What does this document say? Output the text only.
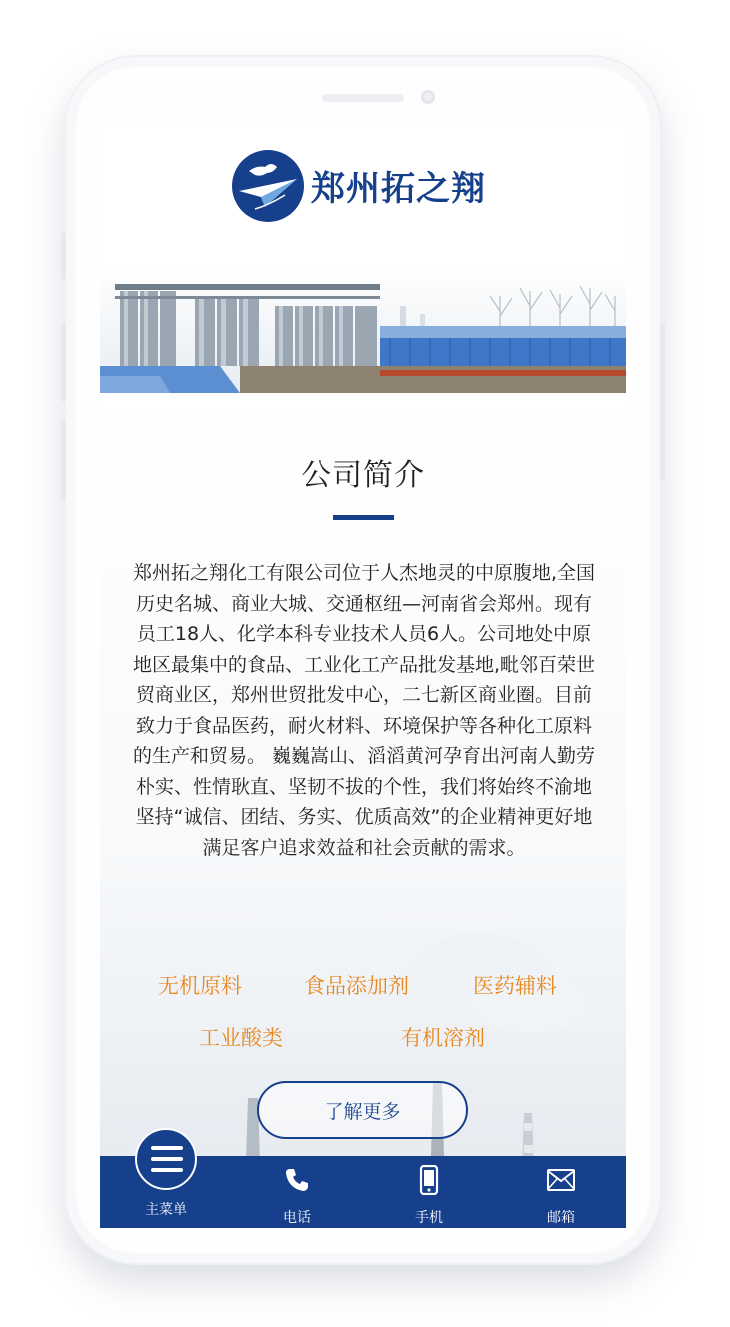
郑州拓之翔
公司简介
郑州拓之翔化工有限公司位于人杰地灵的中原腹地,全国历史名城、商业大城、交通枢纽—河南省会郑州。现有员工18人、化学本科专业技术人员6人。公司地处中原地区最集中的食品、工业化工产品批发基地,毗邻百荣世贸商业区，郑州世贸批发中心，二七新区商业圈。目前致力于食品医药，耐火材料、环境保护等各种化工原料的生产和贸易。 巍巍嵩山、滔滔黄河孕育出河南人勤劳朴实、性情耿直、坚韧不拔的个性，我们将始终不渝地坚持“诚信、团结、务实、优质高效”的企业精神更好地满足客户追求效益和社会贡献的需求。
无机原料	食品添加剂	医药辅料
工业酸类	有机溶剂
了解更多
主菜单	电话	手机	邮箱
